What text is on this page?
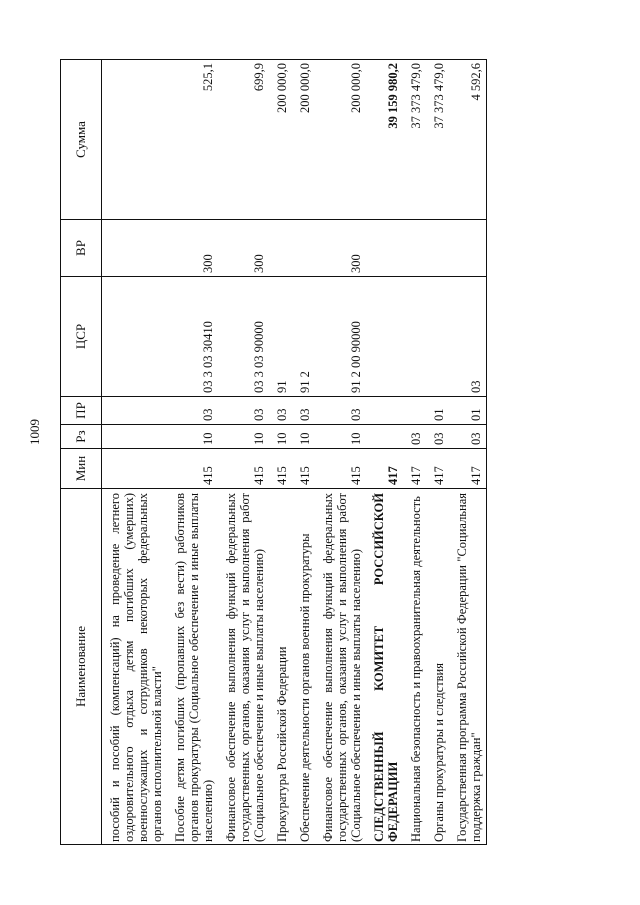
1009
Наименование	Мин	Рз	ПР	ЦСР	ВР	Сумма
пособий и пособий (компенсаций) на проведение летнего оздоровительного отдыха детям погибших (умерших) военнослужащих и сотрудников некоторых федеральных органов исполнительной власти"						
Пособие детям погибших (пропавших без вести) работников органов прокуратуры (Социальное обеспечение и иные выплаты населению)	415	10	03	03 3 03 30410	300	525,1
Финансовое обеспечение выполнения функций федеральных государственных органов, оказания услуг и выполнения работ (Социальное обеспечение и иные выплаты населению)	415	10	03	03 3 03 90000	300	699,9
Прокуратура Российской Федерации	415	10	03	91		200 000,0
Обеспечение деятельности органов военной прокуратуры	415	10	03	91 2		200 000,0
Финансовое обеспечение выполнения функций федеральных государственных органов, оказания услуг и выполнения работ (Социальное обеспечение и иные выплаты населению)	415	10	03	91 2 00 90000	300	200 000,0
СЛЕДСТВЕННЫЙ КОМИТЕТ РОССИЙСКОЙ ФЕДЕРАЦИИ	417					39 159 980,2
Национальная безопасность и правоохранительная деятельность	417	03				37 373 479,0
Органы прокуратуры и следствия	417	03	01			37 373 479,0
Государственная программа Российской Федерации "Социальная поддержка граждан"	417	03	01	03		4 592,6
